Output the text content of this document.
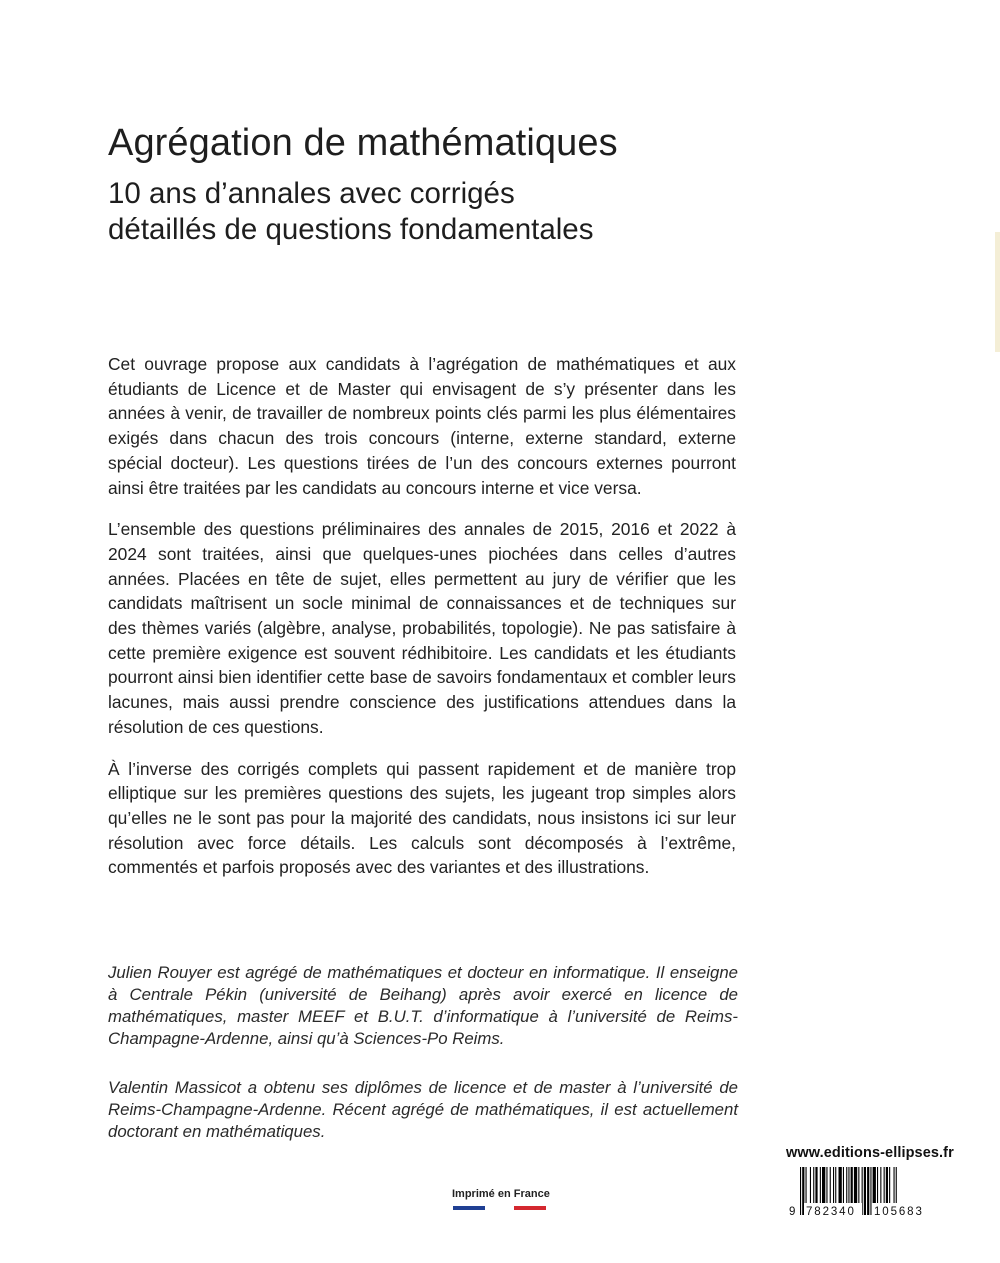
Agrégation de mathématiques
10 ans d’annales avec corrigés
détaillés de questions fondamentales

Cet ouvrage propose aux candidats à l’agrégation de mathématiques et aux étudiants de Licence et de Master qui envisagent de s’y présenter dans les années à venir, de travailler de nombreux points clés parmi les plus élémentaires exigés dans chacun des trois concours (interne, externe standard, externe spécial docteur). Les questions tirées de l’un des concours externes pourront ainsi être traitées par les candidats au concours interne et vice versa.

L’ensemble des questions préliminaires des annales de 2015, 2016 et 2022 à 2024 sont traitées, ainsi que quelques-unes piochées dans celles d’autres années. Placées en tête de sujet, elles permettent au jury de vérifier que les candidats maîtrisent un socle minimal de connaissances et de techniques sur des thèmes variés (algèbre, analyse, probabilités, topologie). Ne pas satisfaire à cette première exigence est souvent rédhibitoire. Les candidats et les étudiants pourront ainsi bien identifier cette base de savoirs fondamentaux et combler leurs lacunes, mais aussi prendre conscience des justifications attendues dans la résolution de ces questions.

À l’inverse des corrigés complets qui passent rapidement et de manière trop elliptique sur les premières questions des sujets, les jugeant trop simples alors qu’elles ne le sont pas pour la majorité des candidats, nous insistons ici sur leur résolution avec force détails. Les calculs sont décomposés à l’extrême, commentés et parfois proposés avec des variantes et des illustrations.

Julien Rouyer est agrégé de mathématiques et docteur en informatique. Il enseigne à Centrale Pékin (université de Beihang) après avoir exercé en licence de mathématiques, master MEEF et B.U.T. d’informatique à l’université de Reims-Champagne-Ardenne, ainsi qu’à Sciences-Po Reims.

Valentin Massicot a obtenu ses diplômes de licence et de master à l’université de Reims-Champagne-Ardenne. Récent agrégé de mathématiques, il est actuellement doctorant en mathématiques.

www.editions-ellipses.fr

9 782340 105683
Imprimé en France
